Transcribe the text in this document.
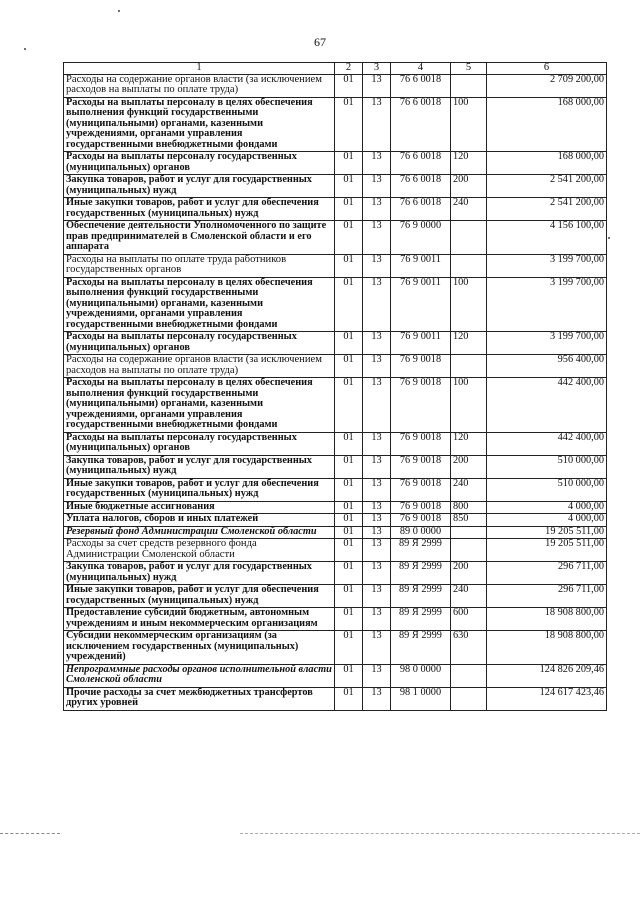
67
1	2	3	4	5	6
Расходы на содержание органов власти (за исключением расходов на выплаты по оплате труда)	01	13	76 6 0018		2 709 200,00
Расходы на выплаты персоналу в целях обеспечения выполнения функций государственными (муниципальными) органами, казенными учреждениями, органами управления государственными внебюджетными фондами	01	13	76 6 0018	100	168 000,00
Расходы на выплаты персоналу государственных (муниципальных) органов	01	13	76 6 0018	120	168 000,00
Закупка товаров, работ и услуг для государственных (муниципальных) нужд	01	13	76 6 0018	200	2 541 200,00
Иные закупки товаров, работ и услуг для обеспечения государственных (муниципальных) нужд	01	13	76 6 0018	240	2 541 200,00
Обеспечение деятельности Уполномоченного по защите прав предпринимателей в Смоленской области и его аппарата	01	13	76 9 0000		4 156 100,00
Расходы на выплаты по оплате труда работников государственных органов	01	13	76 9 0011		3 199 700,00
Расходы на выплаты персоналу в целях обеспечения выполнения функций государственными (муниципальными) органами, казенными учреждениями, органами управления государственными внебюджетными фондами	01	13	76 9 0011	100	3 199 700,00
Расходы на выплаты персоналу государственных (муниципальных) органов	01	13	76 9 0011	120	3 199 700,00
Расходы на содержание органов власти (за исключением расходов на выплаты по оплате труда)	01	13	76 9 0018		956 400,00
Расходы на выплаты персоналу в целях обеспечения выполнения функций государственными (муниципальными) органами, казенными учреждениями, органами управления государственными внебюджетными фондами	01	13	76 9 0018	100	442 400,00
Расходы на выплаты персоналу государственных (муниципальных) органов	01	13	76 9 0018	120	442 400,00
Закупка товаров, работ и услуг для государственных (муниципальных) нужд	01	13	76 9 0018	200	510 000,00
Иные закупки товаров, работ и услуг для обеспечения государственных (муниципальных) нужд	01	13	76 9 0018	240	510 000,00
Иные бюджетные ассигнования	01	13	76 9 0018	800	4 000,00
Уплата налогов, сборов и иных платежей	01	13	76 9 0018	850	4 000,00
Резервный фонд Администрации Смоленской области	01	13	89 0 0000		19 205 511,00
Расходы за счет средств резервного фонда Администрации Смоленской области	01	13	89 Я 2999		19 205 511,00
Закупка товаров, работ и услуг для государственных (муниципальных) нужд	01	13	89 Я 2999	200	296 711,00
Иные закупки товаров, работ и услуг для обеспечения государственных (муниципальных) нужд	01	13	89 Я 2999	240	296 711,00
Предоставление субсидий бюджетным, автономным учреждениям и иным некоммерческим организациям	01	13	89 Я 2999	600	18 908 800,00
Субсидии некоммерческим организациям (за исключением государственных (муниципальных) учреждений)	01	13	89 Я 2999	630	18 908 800,00
Непрограммные расходы органов исполнительной власти Смоленской области	01	13	98 0 0000		124 826 209,46
Прочие расходы за счет межбюджетных трансфертов других уровней	01	13	98 1 0000		124 617 423,46
